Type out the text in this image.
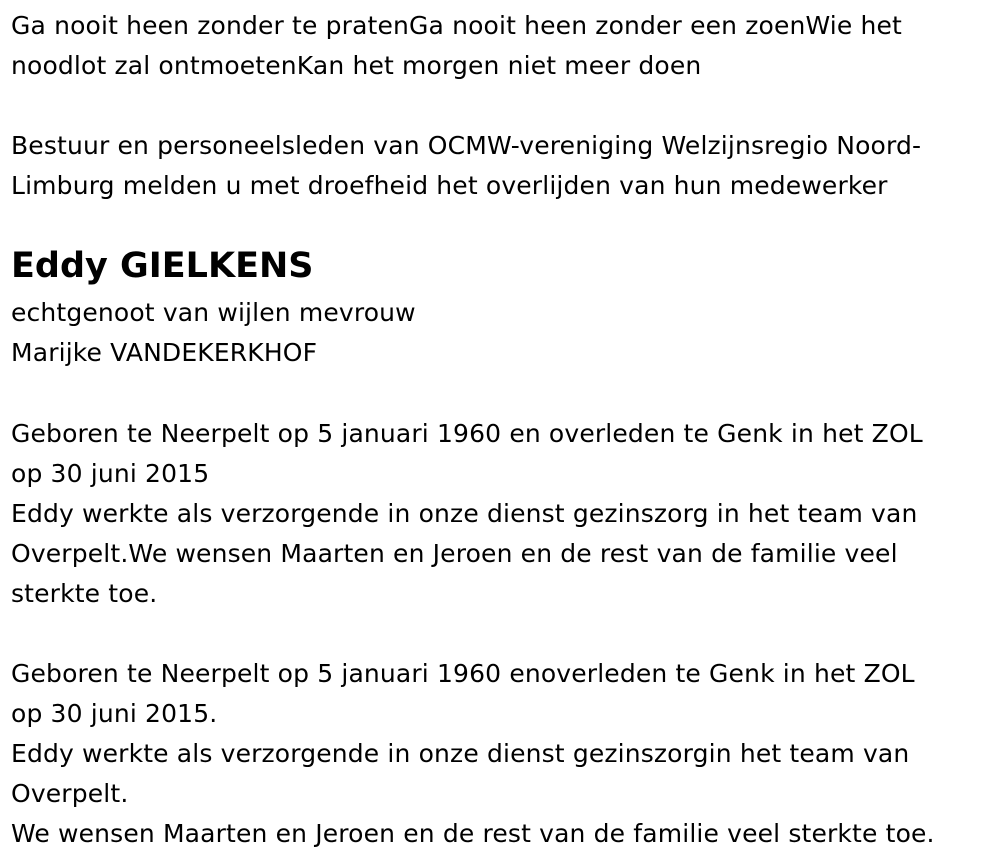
Ga nooit heen zonder te pratenGa nooit heen zonder een zoenWie het
noodlot zal ontmoetenKan het morgen niet meer doen
Bestuur en personeelsleden van OCMW-vereniging Welzijnsregio Noord-
Limburg melden u met droefheid het overlijden van hun medewerker
Eddy GIELKENS
echtgenoot van wijlen mevrouw
Marijke VANDEKERKHOF
Geboren te Neerpelt op 5 januari 1960 en overleden te Genk in het ZOL
op 30 juni 2015
Eddy werkte als verzorgende in onze dienst gezinszorg in het team van
Overpelt.We wensen Maarten en Jeroen en de rest van de familie veel
sterkte toe.
Geboren te Neerpelt op 5 januari 1960 enoverleden te Genk in het ZOL
op 30 juni 2015.
Eddy werkte als verzorgende in onze dienst gezinszorgin het team van
Overpelt.
We wensen Maarten en Jeroen en de rest van de familie veel sterkte toe.
